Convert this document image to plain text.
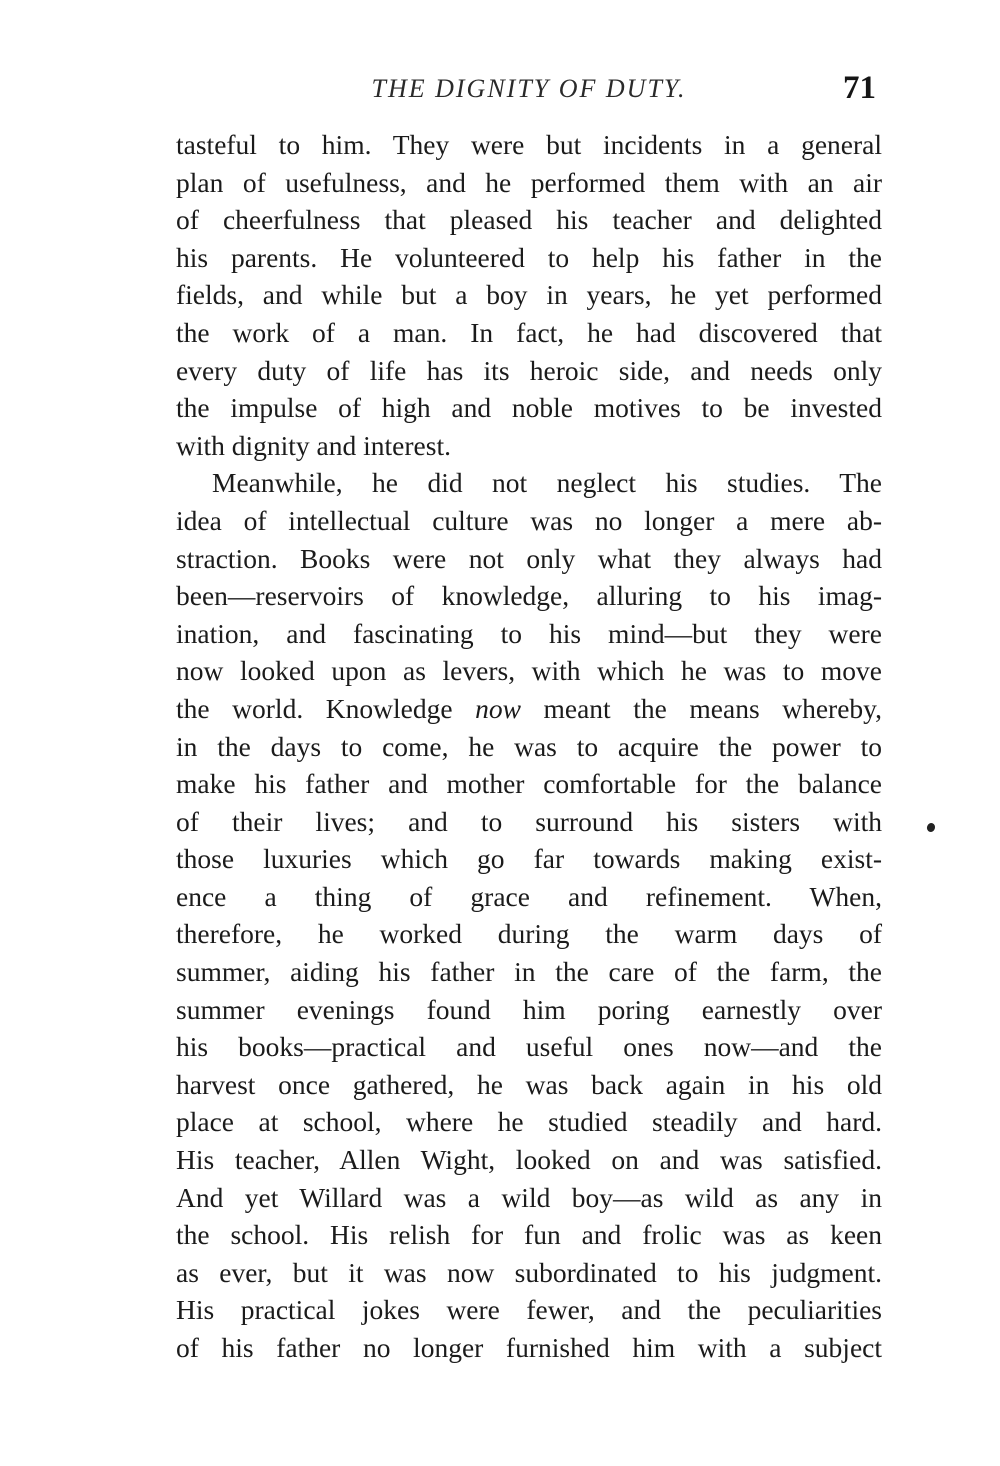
THE DIGNITY OF DUTY.	71
tasteful to him. They were but incidents in a general
plan of usefulness, and he performed them with an air
of cheerfulness that pleased his teacher and delighted
his parents. He volunteered to help his father in the
fields, and while but a boy in years, he yet performed
the work of a man. In fact, he had discovered that
every duty of life has its heroic side, and needs only
the impulse of high and noble motives to be invested
with dignity and interest.
Meanwhile, he did not neglect his studies. The
idea of intellectual culture was no longer a mere ab-
straction. Books were not only what they always had
been—reservoirs of knowledge, alluring to his imag-
ination, and fascinating to his mind—but they were
now looked upon as levers, with which he was to move
the world. Knowledge now meant the means whereby,
in the days to come, he was to acquire the power to
make his father and mother comfortable for the balance
of their lives; and to surround his sisters with
those luxuries which go far towards making exist-
ence a thing of grace and refinement. When,
therefore, he worked during the warm days of
summer, aiding his father in the care of the farm, the
summer evenings found him poring earnestly over
his books—practical and useful ones now—and the
harvest once gathered, he was back again in his old
place at school, where he studied steadily and hard.
His teacher, Allen Wight, looked on and was satisfied.
And yet Willard was a wild boy—as wild as any in
the school. His relish for fun and frolic was as keen
as ever, but it was now subordinated to his judgment.
His practical jokes were fewer, and the peculiarities
of his father no longer furnished him with a subject
